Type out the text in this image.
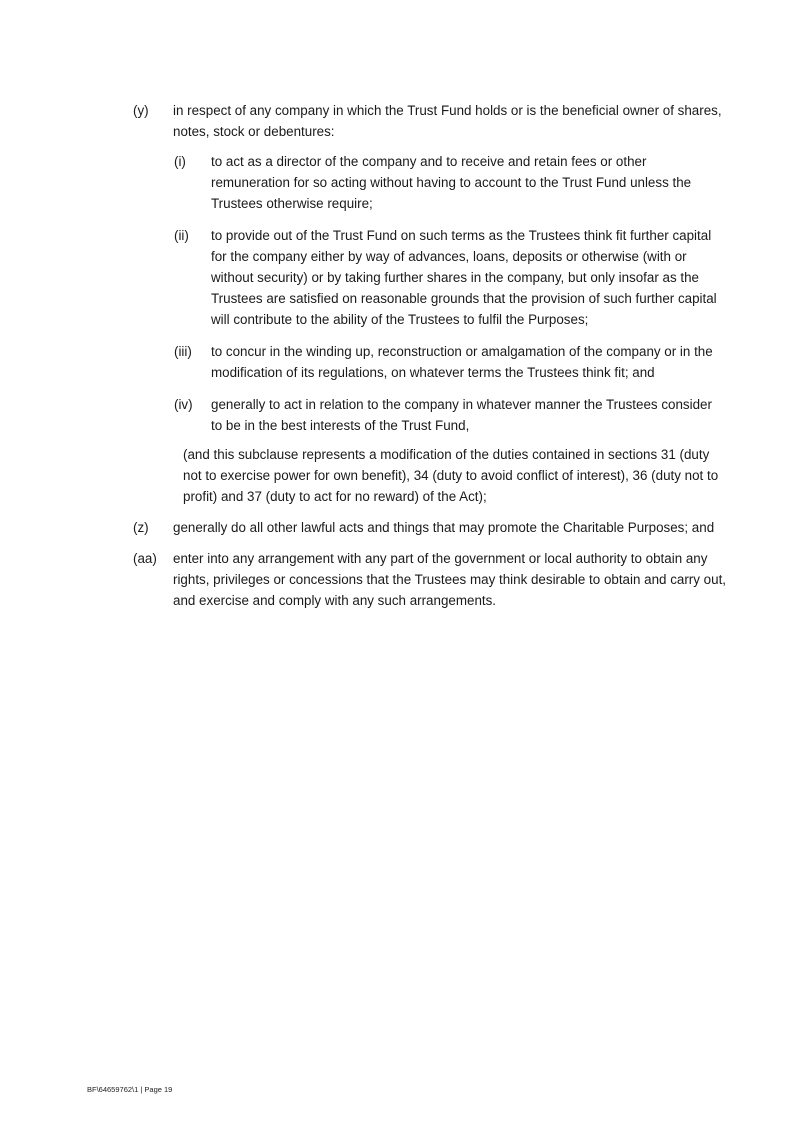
(y) in respect of any company in which the Trust Fund holds or is the beneficial owner of shares, notes, stock or debentures:
(i) to act as a director of the company and to receive and retain fees or other remuneration for so acting without having to account to the Trust Fund unless the Trustees otherwise require;
(ii) to provide out of the Trust Fund on such terms as the Trustees think fit further capital for the company either by way of advances, loans, deposits or otherwise (with or without security) or by taking further shares in the company, but only insofar as the Trustees are satisfied on reasonable grounds that the provision of such further capital will contribute to the ability of the Trustees to fulfil the Purposes;
(iii) to concur in the winding up, reconstruction or amalgamation of the company or in the modification of its regulations, on whatever terms the Trustees think fit; and
(iv) generally to act in relation to the company in whatever manner the Trustees consider to be in the best interests of the Trust Fund,
(and this subclause represents a modification of the duties contained in sections 31 (duty not to exercise power for own benefit), 34 (duty to avoid conflict of interest), 36 (duty not to profit) and 37 (duty to act for no reward) of the Act);
(z) generally do all other lawful acts and things that may promote the Charitable Purposes; and
(aa) enter into any arrangement with any part of the government or local authority to obtain any rights, privileges or concessions that the Trustees may think desirable to obtain and carry out, and exercise and comply with any such arrangements.
BF\64659762\1 | Page 19
